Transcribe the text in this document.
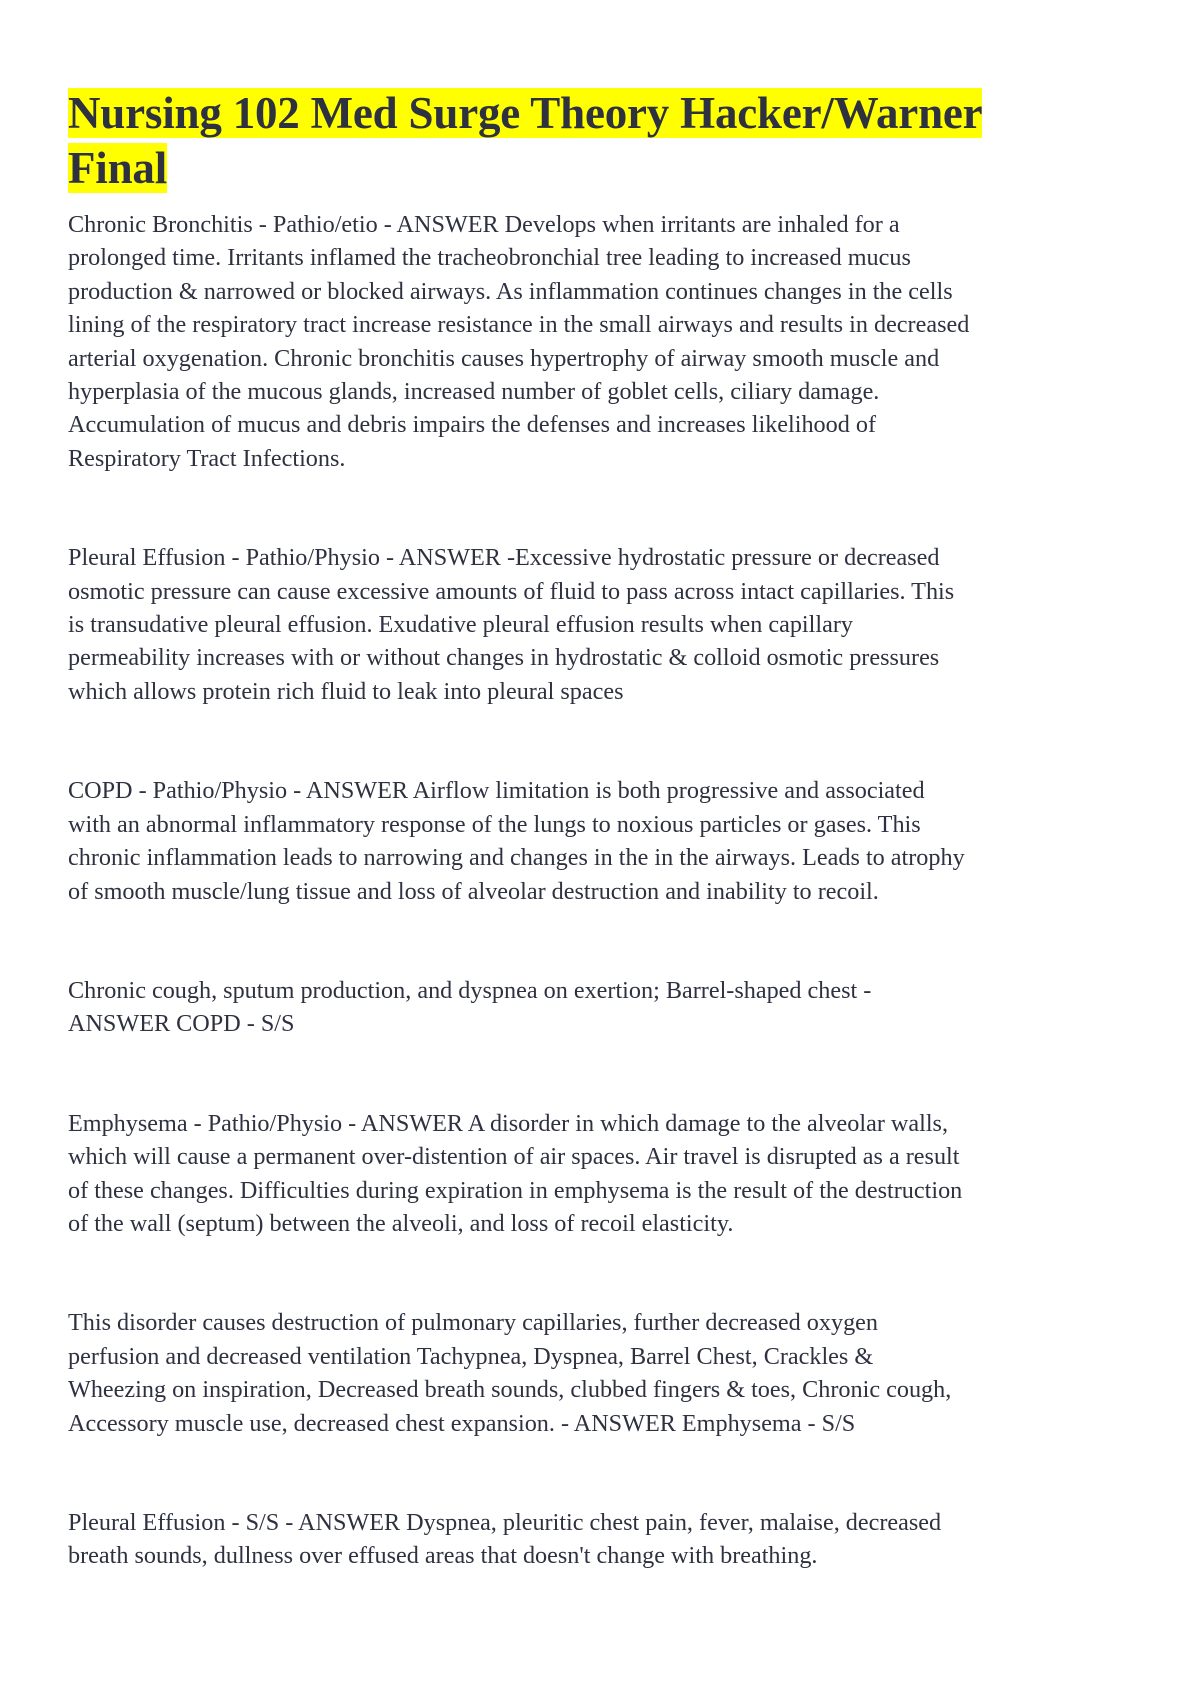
Nursing 102 Med Surge Theory Hacker/Warner
Final

Chronic Bronchitis - Pathio/etio - ANSWER Develops when irritants are inhaled for a
prolonged time. Irritants inflamed the tracheobronchial tree leading to increased mucus
production & narrowed or blocked airways. As inflammation continues changes in the cells
lining of the respiratory tract increase resistance in the small airways and results in decreased
arterial oxygenation. Chronic bronchitis causes hypertrophy of airway smooth muscle and
hyperplasia of the mucous glands, increased number of goblet cells, ciliary damage.
Accumulation of mucus and debris impairs the defenses and increases likelihood of
Respiratory Tract Infections.

Pleural Effusion - Pathio/Physio - ANSWER -Excessive hydrostatic pressure or decreased
osmotic pressure can cause excessive amounts of fluid to pass across intact capillaries. This
is transudative pleural effusion. Exudative pleural effusion results when capillary
permeability increases with or without changes in hydrostatic & colloid osmotic pressures
which allows protein rich fluid to leak into pleural spaces

COPD - Pathio/Physio - ANSWER Airflow limitation is both progressive and associated
with an abnormal inflammatory response of the lungs to noxious particles or gases. This
chronic inflammation leads to narrowing and changes in the in the airways. Leads to atrophy
of smooth muscle/lung tissue and loss of alveolar destruction and inability to recoil.

Chronic cough, sputum production, and dyspnea on exertion; Barrel-shaped chest -
ANSWER COPD - S/S

Emphysema - Pathio/Physio - ANSWER A disorder in which damage to the alveolar walls,
which will cause a permanent over-distention of air spaces. Air travel is disrupted as a result
of these changes. Difficulties during expiration in emphysema is the result of the destruction
of the wall (septum) between the alveoli, and loss of recoil elasticity.

This disorder causes destruction of pulmonary capillaries, further decreased oxygen
perfusion and decreased ventilation Tachypnea, Dyspnea, Barrel Chest, Crackles &
Wheezing on inspiration, Decreased breath sounds, clubbed fingers & toes, Chronic cough,
Accessory muscle use, decreased chest expansion. - ANSWER Emphysema - S/S

Pleural Effusion - S/S - ANSWER Dyspnea, pleuritic chest pain, fever, malaise, decreased
breath sounds, dullness over effused areas that doesn't change with breathing.
